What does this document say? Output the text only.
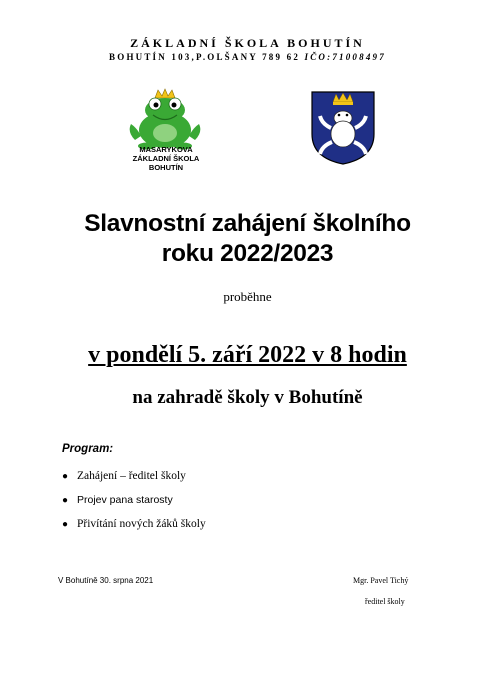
ZÁKLADNÍ ŠKOLA BOHUTÍN
BOHUTÍN 103,P.OLŠANY 789 62 IČO:71008497
MASARYKOVA
ZÁKLADNÍ ŠKOLA
BOHUTÍN
Slavnostní zahájení školního
roku 2022/2023
proběhne
v pondělí 5. září 2022 v 8 hodin
na zahradě školy v Bohutíně
Program:
● Zahájení – ředitel školy
● Projev pana starosty
● Přivítání nových žáků školy
V Bohutíně 30. srpna 2021	Mgr. Pavel Tichý
ředitel školy
